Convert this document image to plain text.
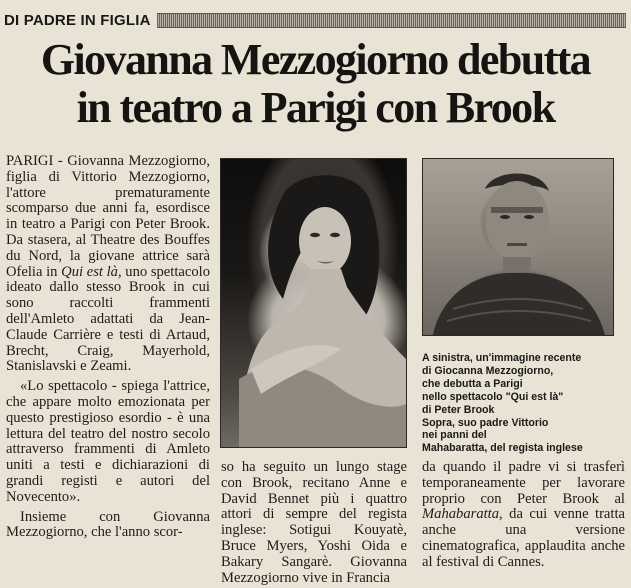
DI PADRE IN FIGLIA
Giovanna Mezzogiorno debutta
in teatro a Parigi con Brook

PARIGI - Giovanna Mezzogiorno, figlia di Vittorio Mezzogiorno, l'attore prematuramente scomparso due anni fa, esordisce in teatro a Parigi con Peter Brook. Da stasera, al Theatre des Bouffes du Nord, la giovane attrice sarà Ofelia in Qui est là, uno spettacolo ideato dallo stesso Brook in cui sono raccolti frammenti dell'Amleto adattati da Jean-Claude Carrière e testi di Artaud, Brecht, Craig, Mayerhold, Stanislavski e Zeami.

«Lo spettacolo - spiega l'attrice, che appare molto emozionata per questo prestigioso esordio - è una lettura del teatro del nostro secolo attraverso frammenti di Amleto uniti a testi e dichiarazioni di grandi registi e autori del Novecento».

Insieme con Giovanna Mezzogiorno, che l'anno scor-

A sinistra, un'immagine recente
di Giocanna Mezzogiorno,
che debutta a Parigi
nello spettacolo "Qui est là"
di Peter Brook
Sopra, suo padre Vittorio
nei panni del
Mahabaratta, del regista inglese

so ha seguito un lungo stage con Brook, recitano Anne e David Bennet più i quattro attori di sempre del regista inglese: Sotigui Kouyatè, Bruce Myers, Yoshi Oida e Bakary Sangarè. Giovanna Mezzogiorno vive in Francia

da quando il padre vi si trasferì temporaneamente per lavorare proprio con Peter Brook al Mahabaratta, da cui venne tratta anche una versione cinematografica, applaudita anche al festival di Cannes.
